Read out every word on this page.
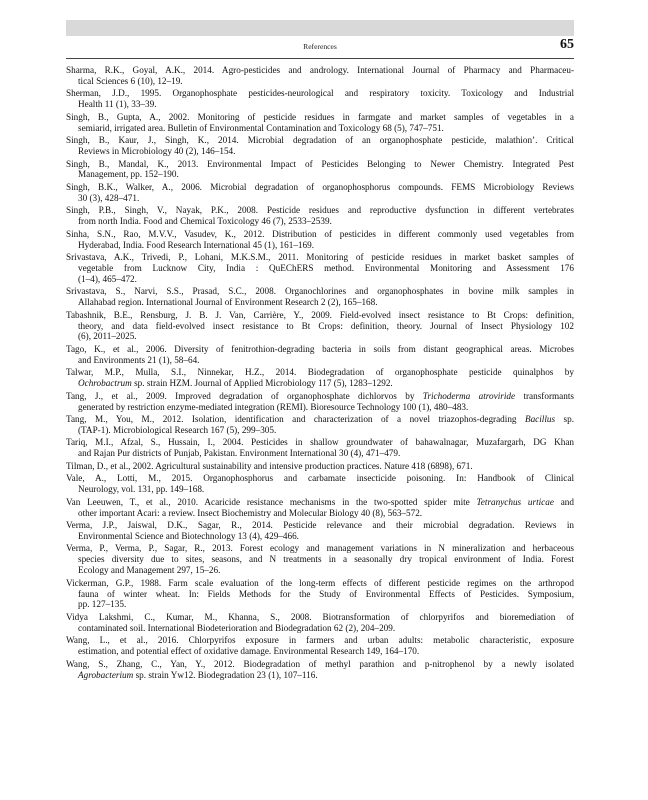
References	65
Sharma, R.K., Goyal, A.K., 2014. Agro-pesticides and andrology. International Journal of Pharmacy and Pharmaceu-
tical Sciences 6 (10), 12–19.
Sherman, J.D., 1995. Organophosphate pesticides-neurological and respiratory toxicity. Toxicology and Industrial
Health 11 (1), 33–39.
Singh, B., Gupta, A., 2002. Monitoring of pesticide residues in farmgate and market samples of vegetables in a
semiarid, irrigated area. Bulletin of Environmental Contamination and Toxicology 68 (5), 747–751.
Singh, B., Kaur, J., Singh, K., 2014. Microbial degradation of an organophosphate pesticide, malathion’. Critical
Reviews in Microbiology 40 (2), 146–154.
Singh, B., Mandal, K., 2013. Environmental Impact of Pesticides Belonging to Newer Chemistry. Integrated Pest
Management, pp. 152–190.
Singh, B.K., Walker, A., 2006. Microbial degradation of organophosphorus compounds. FEMS Microbiology Reviews
30 (3), 428–471.
Singh, P.B., Singh, V., Nayak, P.K., 2008. Pesticide residues and reproductive dysfunction in different vertebrates
from north India. Food and Chemical Toxicology 46 (7), 2533–2539.
Sinha, S.N., Rao, M.V.V., Vasudev, K., 2012. Distribution of pesticides in different commonly used vegetables from
Hyderabad, India. Food Research International 45 (1), 161–169.
Srivastava, A.K., Trivedi, P., Lohani, M.K.S.M., 2011. Monitoring of pesticide residues in market basket samples of
vegetable from Lucknow City, India : QuEChERS method. Environmental Monitoring and Assessment 176
(1–4), 465–472.
Srivastava, S., Narvi, S.S., Prasad, S.C., 2008. Organochlorines and organophosphates in bovine milk samples in
Allahabad region. International Journal of Environment Research 2 (2), 165–168.
Tabashnik, B.E., Rensburg, J. B. J. Van, Carrière, Y., 2009. Field-evolved insect resistance to Bt Crops: definition,
theory, and data field-evolved insect resistance to Bt Crops: definition, theory. Journal of Insect Physiology 102
(6), 2011–2025.
Tago, K., et al., 2006. Diversity of fenitrothion-degrading bacteria in soils from distant geographical areas. Microbes
and Environments 21 (1), 58–64.
Talwar, M.P., Mulla, S.I., Ninnekar, H.Z., 2014. Biodegradation of organophosphate pesticide quinalphos by
Ochrobactrum sp. strain HZM. Journal of Applied Microbiology 117 (5), 1283–1292.
Tang, J., et al., 2009. Improved degradation of organophosphate dichlorvos by Trichoderma atroviride transformants
generated by restriction enzyme-mediated integration (REMI). Bioresource Technology 100 (1), 480–483.
Tang, M., You, M., 2012. Isolation, identification and characterization of a novel triazophos-degrading Bacillus sp.
(TAP-1). Microbiological Research 167 (5), 299–305.
Tariq, M.I., Afzal, S., Hussain, I., 2004. Pesticides in shallow groundwater of bahawalnagar, Muzafargarh, DG Khan
and Rajan Pur districts of Punjab, Pakistan. Environment International 30 (4), 471–479.
Tilman, D., et al., 2002. Agricultural sustainability and intensive production practices. Nature 418 (6898), 671.
Vale, A., Lotti, M., 2015. Organophosphorus and carbamate insecticide poisoning. In: Handbook of Clinical
Neurology, vol. 131, pp. 149–168.
Van Leeuwen, T., et al., 2010. Acaricide resistance mechanisms in the two-spotted spider mite Tetranychus urticae and
other important Acari: a review. Insect Biochemistry and Molecular Biology 40 (8), 563–572.
Verma, J.P., Jaiswal, D.K., Sagar, R., 2014. Pesticide relevance and their microbial degradation. Reviews in
Environmental Science and Biotechnology 13 (4), 429–466.
Verma, P., Verma, P., Sagar, R., 2013. Forest ecology and management variations in N mineralization and herbaceous
species diversity due to sites, seasons, and N treatments in a seasonally dry tropical environment of India. Forest
Ecology and Management 297, 15–26.
Vickerman, G.P., 1988. Farm scale evaluation of the long-term effects of different pesticide regimes on the arthropod
fauna of winter wheat. In: Fields Methods for the Study of Environmental Effects of Pesticides. Symposium,
pp. 127–135.
Vidya Lakshmi, C., Kumar, M., Khanna, S., 2008. Biotransformation of chlorpyrifos and bioremediation of
contaminated soil. International Biodeterioration and Biodegradation 62 (2), 204–209.
Wang, L., et al., 2016. Chlorpyrifos exposure in farmers and urban adults: metabolic characteristic, exposure
estimation, and potential effect of oxidative damage. Environmental Research 149, 164–170.
Wang, S., Zhang, C., Yan, Y., 2012. Biodegradation of methyl parathion and p-nitrophenol by a newly isolated
Agrobacterium sp. strain Yw12. Biodegradation 23 (1), 107–116.
